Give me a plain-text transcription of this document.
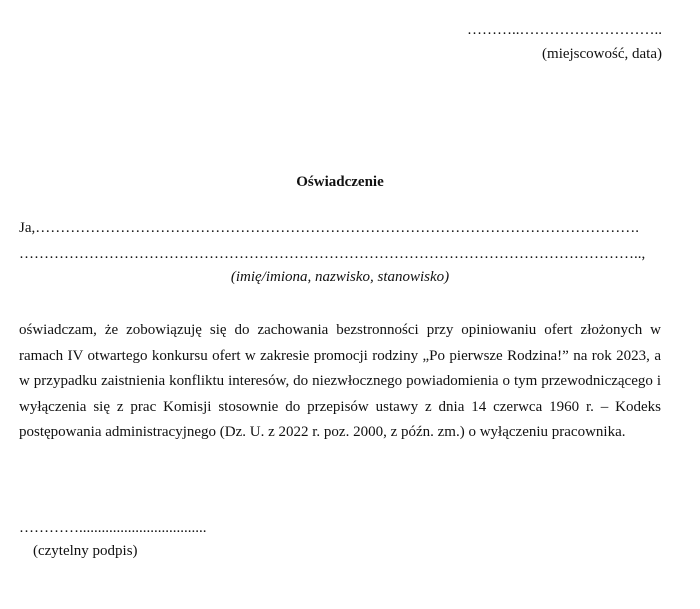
………..………………………..
(miejscowość, data)
Oświadczenie
Ja,………………………………………………………………………………………………………….
……………………………………………………………………………………………………………..,
(imię/imiona, nazwisko, stanowisko)

oświadczam, że zobowiązuję się do zachowania bezstronności przy opiniowaniu ofert złożonych w ramach IV otwartego konkursu ofert w zakresie promocji rodziny „Po pierwsze Rodzina!” na rok 2023, a w przypadku zaistnienia konfliktu interesów, do niezwłocznego powiadomienia o tym przewodniczącego i wyłączenia się z prac Komisji stosownie do przepisów ustawy z dnia 14 czerwca 1960 r. – Kodeks postępowania administracyjnego (Dz. U. z 2022 r. poz. 2000, z późn. zm.) o wyłączeniu pracownika.

…………..................................
(czytelny podpis)
